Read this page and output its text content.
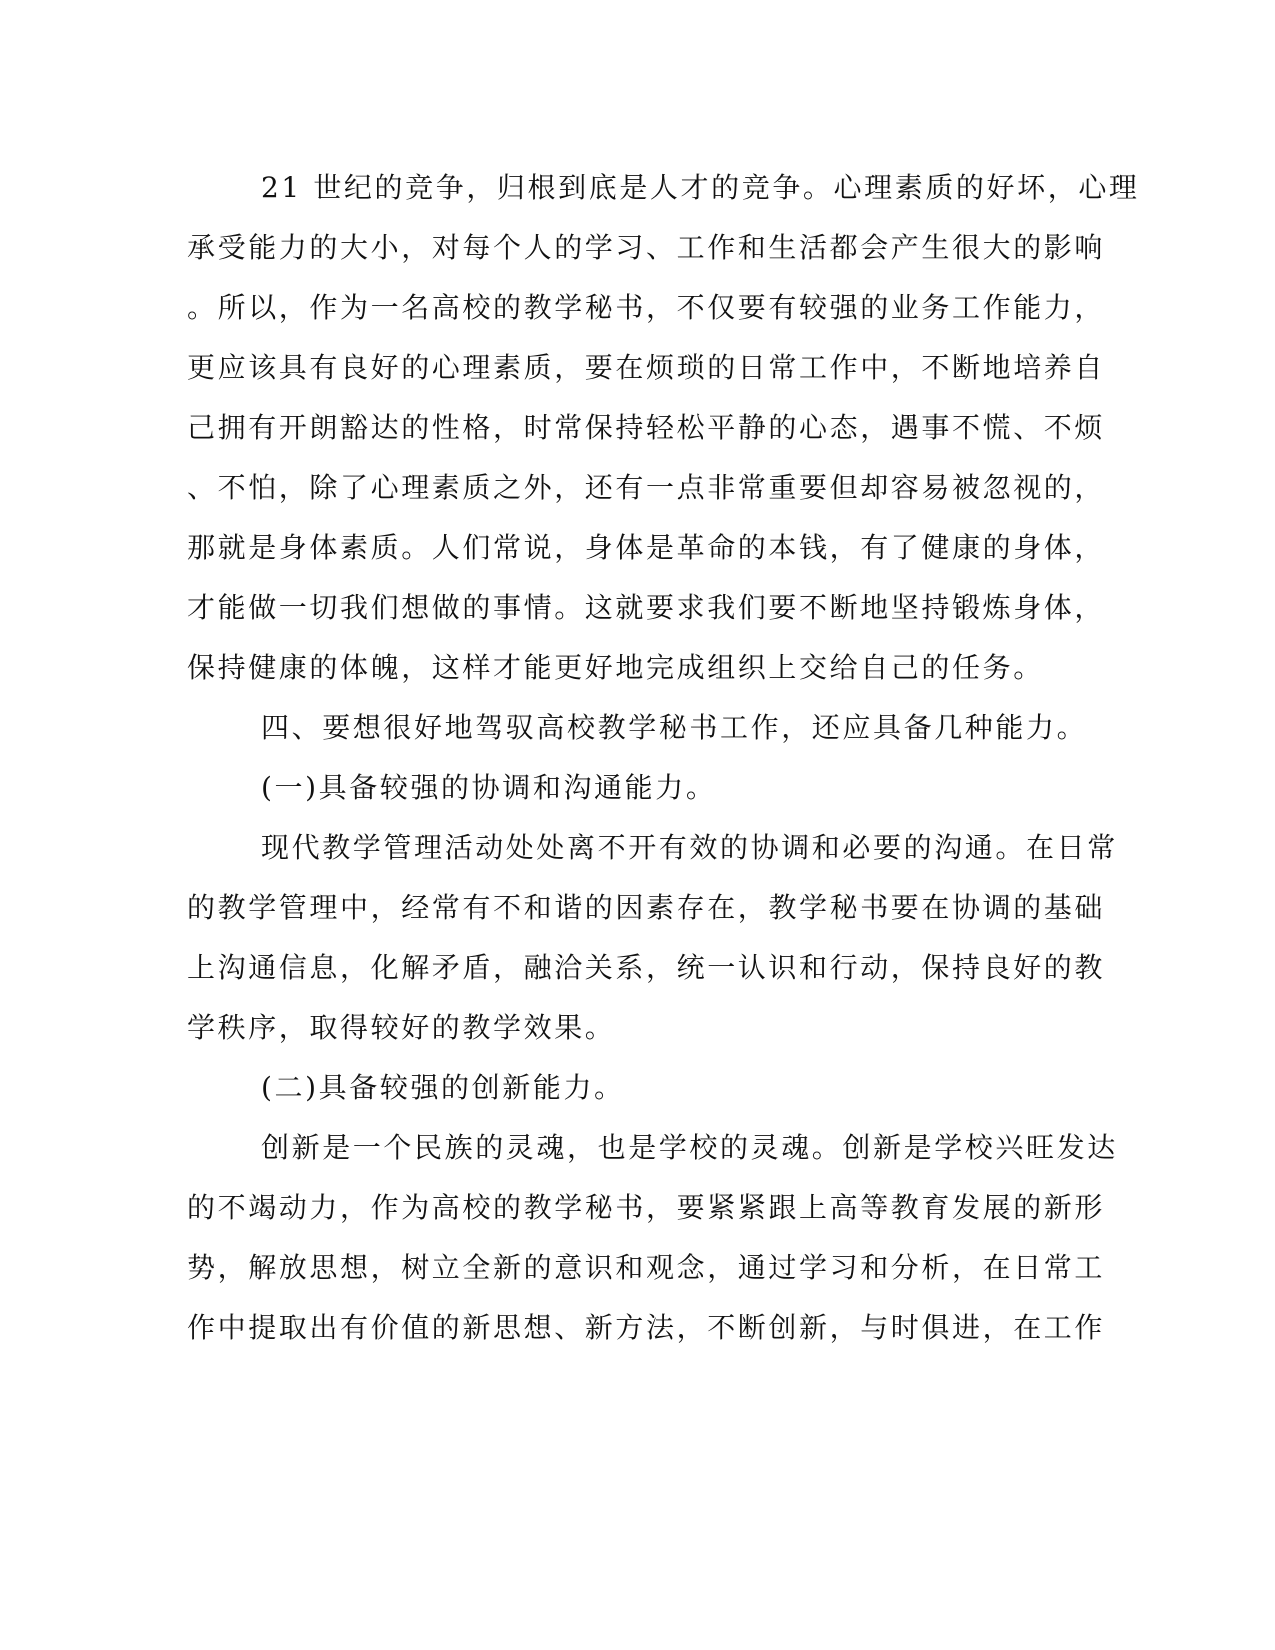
21 世纪的竞争，归根到底是人才的竞争。心理素质的好坏，心理
承受能力的大小，对每个人的学习、工作和生活都会产生很大的影响
。所以，作为一名高校的教学秘书，不仅要有较强的业务工作能力，
更应该具有良好的心理素质，要在烦琐的日常工作中，不断地培养自
己拥有开朗豁达的性格，时常保持轻松平静的心态，遇事不慌、不烦
、不怕，除了心理素质之外，还有一点非常重要但却容易被忽视的，
那就是身体素质。人们常说，身体是革命的本钱，有了健康的身体，
才能做一切我们想做的事情。这就要求我们要不断地坚持锻炼身体，
保持健康的体魄，这样才能更好地完成组织上交给自己的任务。
四、要想很好地驾驭高校教学秘书工作，还应具备几种能力。
(一)具备较强的协调和沟通能力。
现代教学管理活动处处离不开有效的协调和必要的沟通。在日常
的教学管理中，经常有不和谐的因素存在，教学秘书要在协调的基础
上沟通信息，化解矛盾，融洽关系，统一认识和行动，保持良好的教
学秩序，取得较好的教学效果。
(二)具备较强的创新能力。
创新是一个民族的灵魂，也是学校的灵魂。创新是学校兴旺发达
的不竭动力，作为高校的教学秘书，要紧紧跟上高等教育发展的新形
势，解放思想，树立全新的意识和观念，通过学习和分析，在日常工
作中提取出有价值的新思想、新方法，不断创新，与时俱进，在工作
